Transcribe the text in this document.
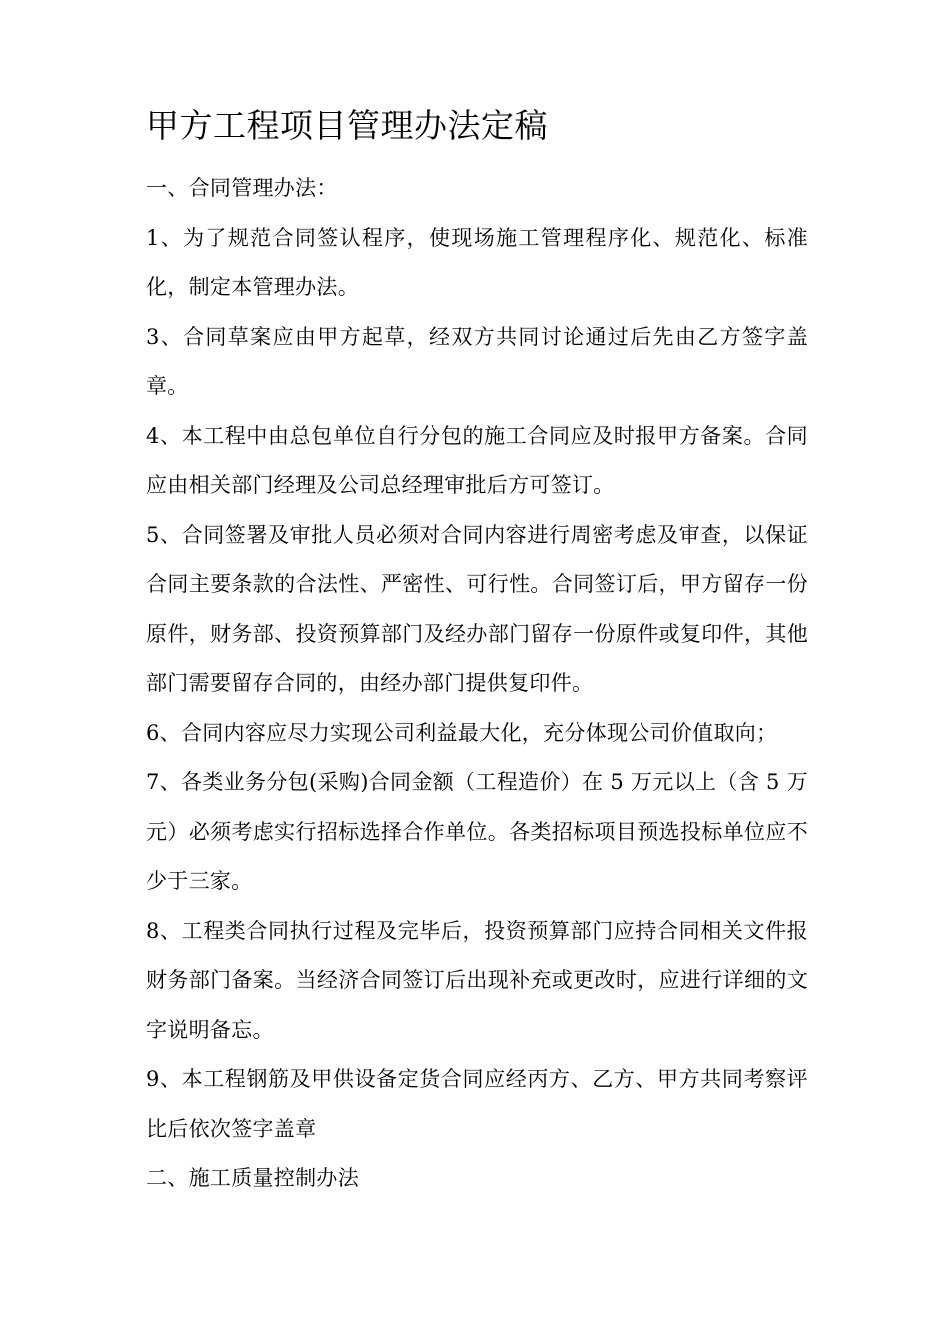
甲方工程项目管理办法定稿

一、合同管理办法：

1、为了规范合同签认程序，使现场施工管理程序化、规范化、标准化，制定本管理办法。

3、合同草案应由甲方起草，经双方共同讨论通过后先由乙方签字盖章。

4、本工程中由总包单位自行分包的施工合同应及时报甲方备案。合同应由相关部门经理及公司总经理审批后方可签订。

5、合同签署及审批人员必须对合同内容进行周密考虑及审查，以保证合同主要条款的合法性、严密性、可行性。合同签订后，甲方留存一份原件，财务部、投资预算部门及经办部门留存一份原件或复印件，其他部门需要留存合同的，由经办部门提供复印件。

6、合同内容应尽力实现公司利益最大化，充分体现公司价值取向；

7、各类业务分包(采购)合同金额（工程造价）在 5 万元以上（含 5 万元）必须考虑实行招标选择合作单位。各类招标项目预选投标单位应不少于三家。

8、工程类合同执行过程及完毕后，投资预算部门应持合同相关文件报财务部门备案。当经济合同签订后出现补充或更改时，应进行详细的文字说明备忘。

9、本工程钢筋及甲供设备定货合同应经丙方、乙方、甲方共同考察评比后依次签字盖章

二、施工质量控制办法
